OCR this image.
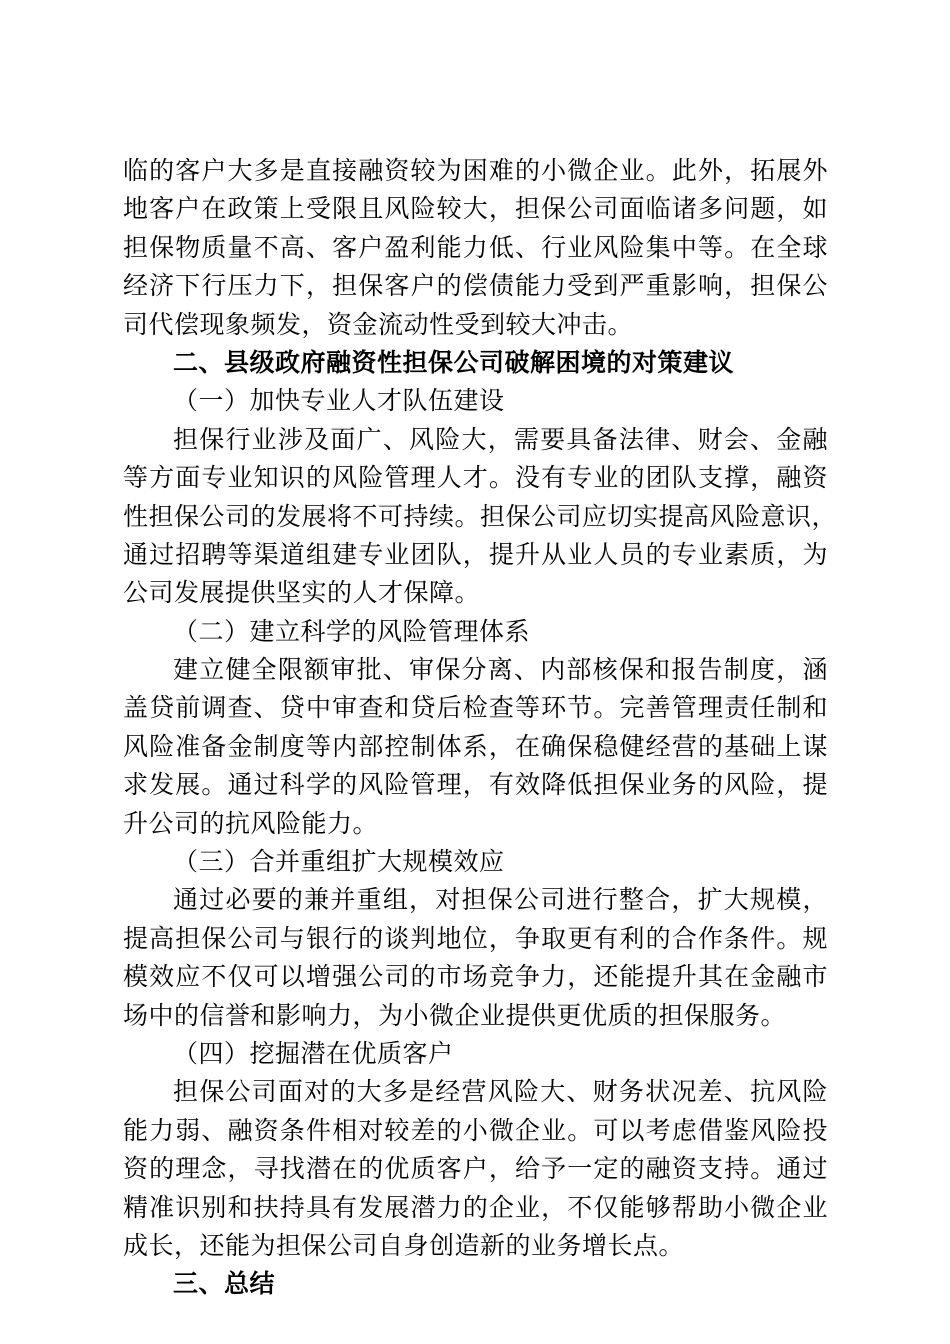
临的客户大多是直接融资较为困难的小微企业。此外，拓展外
地客户在政策上受限且风险较大，担保公司面临诸多问题，如
担保物质量不高、客户盈利能力低、行业风险集中等。在全球
经济下行压力下，担保客户的偿债能力受到严重影响，担保公
司代偿现象频发，资金流动性受到较大冲击。
二、县级政府融资性担保公司破解困境的对策建议
（一）加快专业人才队伍建设
担保行业涉及面广、风险大，需要具备法律、财会、金融
等方面专业知识的风险管理人才。没有专业的团队支撑，融资
性担保公司的发展将不可持续。担保公司应切实提高风险意识，
通过招聘等渠道组建专业团队，提升从业人员的专业素质，为
公司发展提供坚实的人才保障。
（二）建立科学的风险管理体系
建立健全限额审批、审保分离、内部核保和报告制度，涵
盖贷前调查、贷中审查和贷后检查等环节。完善管理责任制和
风险准备金制度等内部控制体系，在确保稳健经营的基础上谋
求发展。通过科学的风险管理，有效降低担保业务的风险，提
升公司的抗风险能力。
（三）合并重组扩大规模效应
通过必要的兼并重组，对担保公司进行整合，扩大规模，
提高担保公司与银行的谈判地位，争取更有利的合作条件。规
模效应不仅可以增强公司的市场竞争力，还能提升其在金融市
场中的信誉和影响力，为小微企业提供更优质的担保服务。
（四）挖掘潜在优质客户
担保公司面对的大多是经营风险大、财务状况差、抗风险
能力弱、融资条件相对较差的小微企业。可以考虑借鉴风险投
资的理念，寻找潜在的优质客户，给予一定的融资支持。通过
精准识别和扶持具有发展潜力的企业，不仅能够帮助小微企业
成长，还能为担保公司自身创造新的业务增长点。
三、总结
